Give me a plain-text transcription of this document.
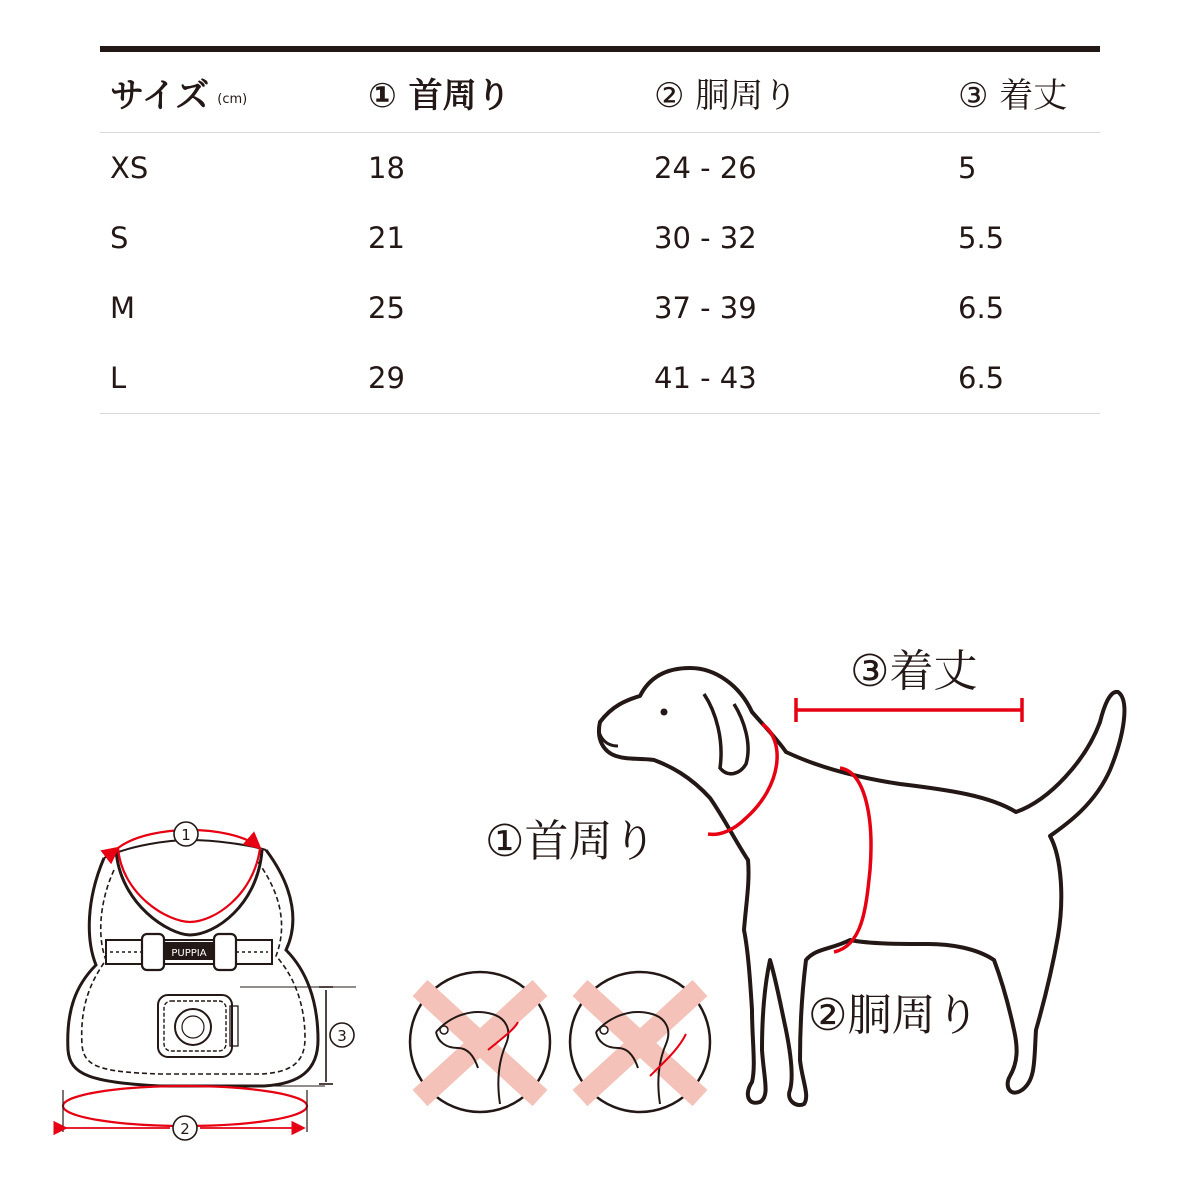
サイズ (cm)	① 首周り	② 胴周り	③ 着丈
XS	18	24 - 26	5
S	21	30 - 32	5.5
M	25	37 - 39	6.5
L	29	41 - 43	6.5
PUPPIA
1
3
2
③着丈
①首周り
②胴周り
